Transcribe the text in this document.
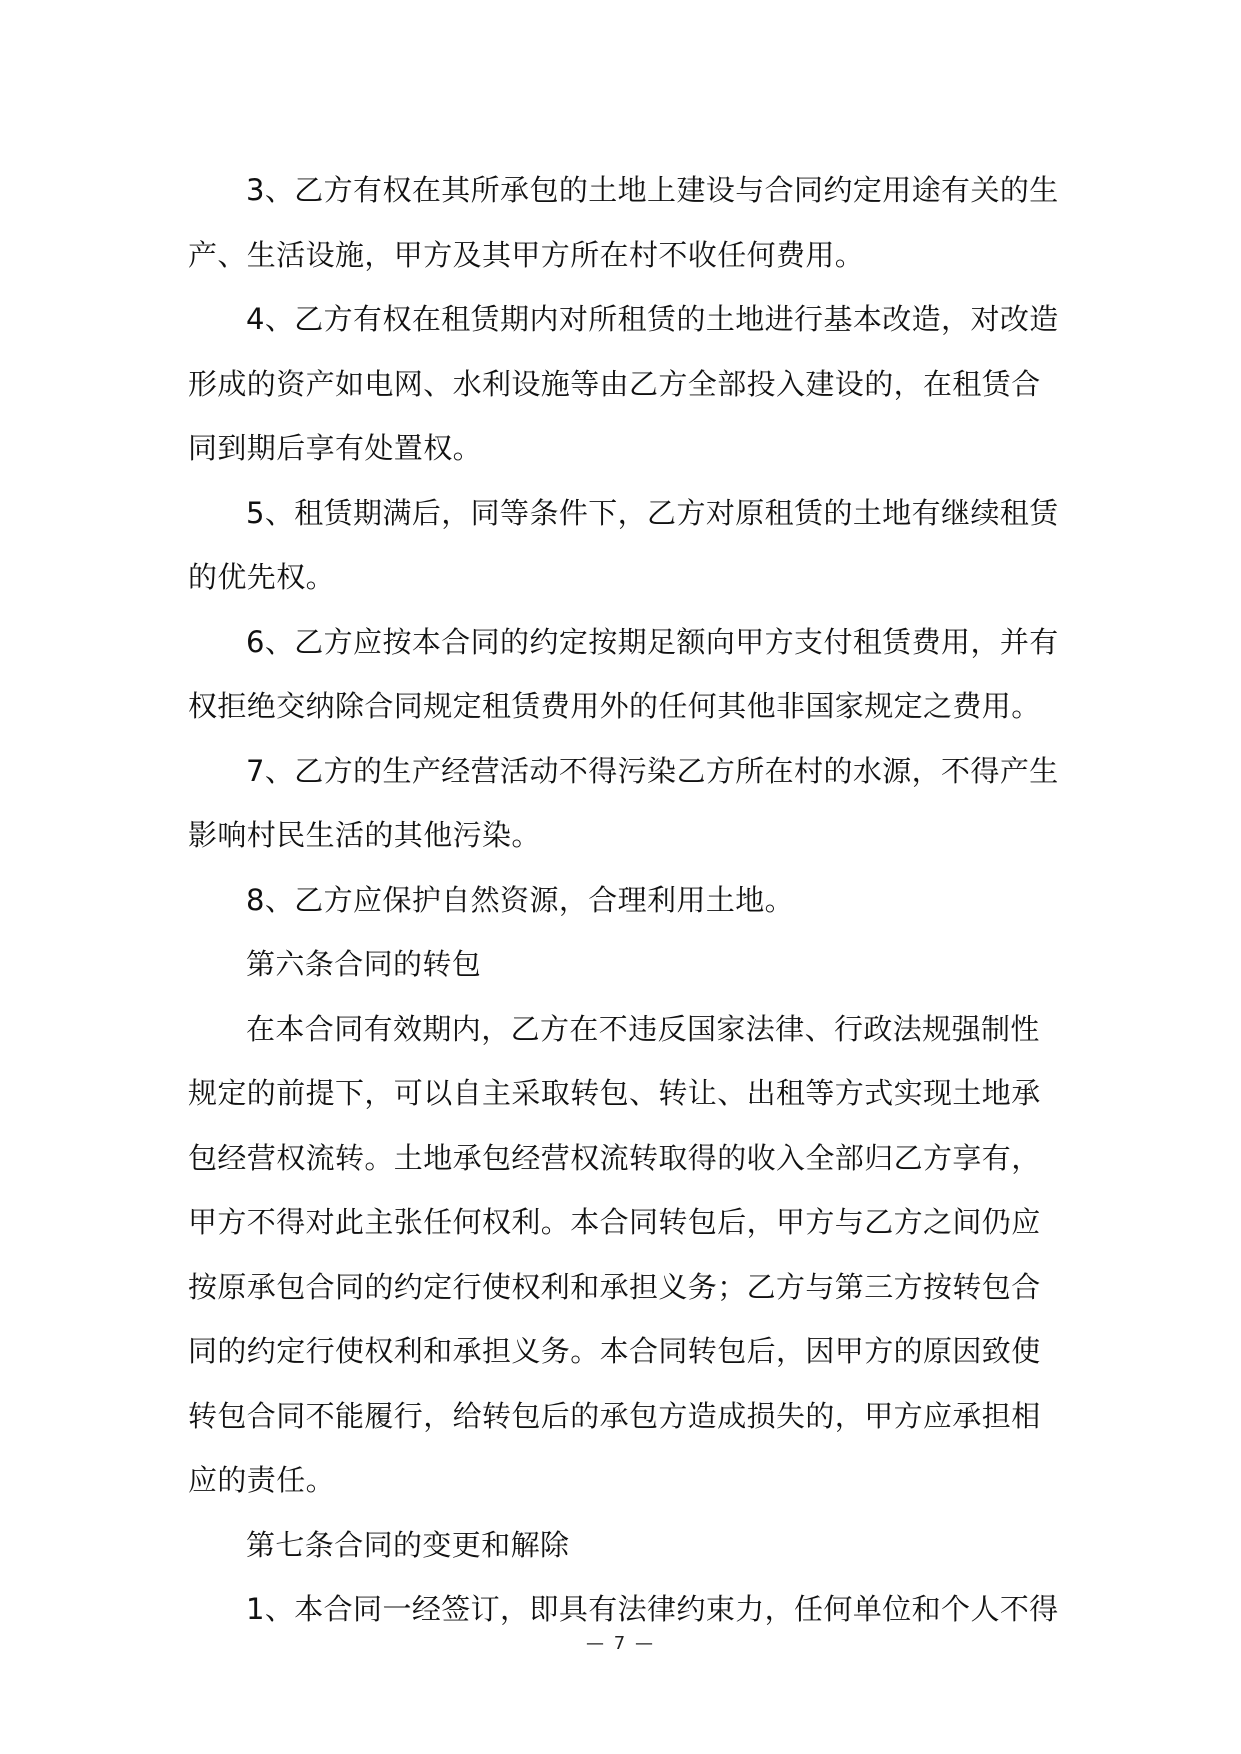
3、乙方有权在其所承包的土地上建设与合同约定用途有关的生产、生活设施，甲方及其甲方所在村不收任何费用。

4、乙方有权在租赁期内对所租赁的土地进行基本改造，对改造形成的资产如电网、水利设施等由乙方全部投入建设的，在租赁合同到期后享有处置权。

5、租赁期满后，同等条件下，乙方对原租赁的土地有继续租赁的优先权。

6、乙方应按本合同的约定按期足额向甲方支付租赁费用，并有权拒绝交纳除合同规定租赁费用外的任何其他非国家规定之费用。

7、乙方的生产经营活动不得污染乙方所在村的水源，不得产生影响村民生活的其他污染。

8、乙方应保护自然资源，合理利用土地。

第六条合同的转包

在本合同有效期内，乙方在不违反国家法律、行政法规强制性规定的前提下，可以自主采取转包、转让、出租等方式实现土地承包经营权流转。土地承包经营权流转取得的收入全部归乙方享有，甲方不得对此主张任何权利。本合同转包后，甲方与乙方之间仍应按原承包合同的约定行使权利和承担义务；乙方与第三方按转包合同的约定行使权利和承担义务。本合同转包后，因甲方的原因致使转包合同不能履行，给转包后的承包方造成损失的，甲方应承担相应的责任。

第七条合同的变更和解除

1、本合同一经签订，即具有法律约束力，任何单位和个人不得

— 7 —
